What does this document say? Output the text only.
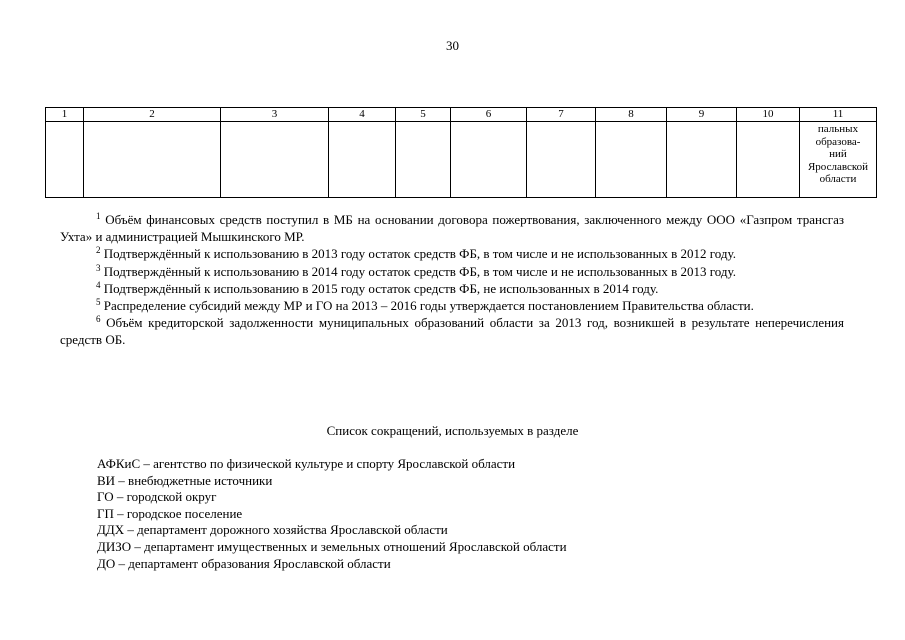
30
1	2	3	4	5	6	7	8	9	10	11
										пальных
образова-
ний
Ярославской
области
$^1$ Объём финансовых средств поступил в МБ на основании договора пожертвования, заключенного между ООО «Газпром трансгаз Ухта» и администрацией Мышкинского МР.
$^2$ Подтверждённый к использованию в 2013 году остаток средств ФБ, в том числе и не использованных в 2012 году.
$^3$ Подтверждённый к использованию в 2014 году остаток средств ФБ, в том числе и не использованных в 2013 году.
$^4$ Подтверждённый к использованию в 2015 году остаток средств ФБ, не использованных в 2014 году.
$^5$ Распределение субсидий между МР и ГО на 2013 – 2016 годы утверждается постановлением Правительства области.
$^6$ Объём кредиторской задолженности муниципальных образований области за 2013 год, возникшей в результате неперечисления средств ОБ.
Список сокращений, используемых в разделе
АФКиС – агентство по физической культуре и спорту Ярославской области
ВИ – внебюджетные источники
ГО – городской округ
ГП – городское поселение
ДДХ – департамент дорожного хозяйства Ярославской области
ДИЗО – департамент имущественных и земельных отношений Ярославской области
ДО – департамент образования Ярославской области
